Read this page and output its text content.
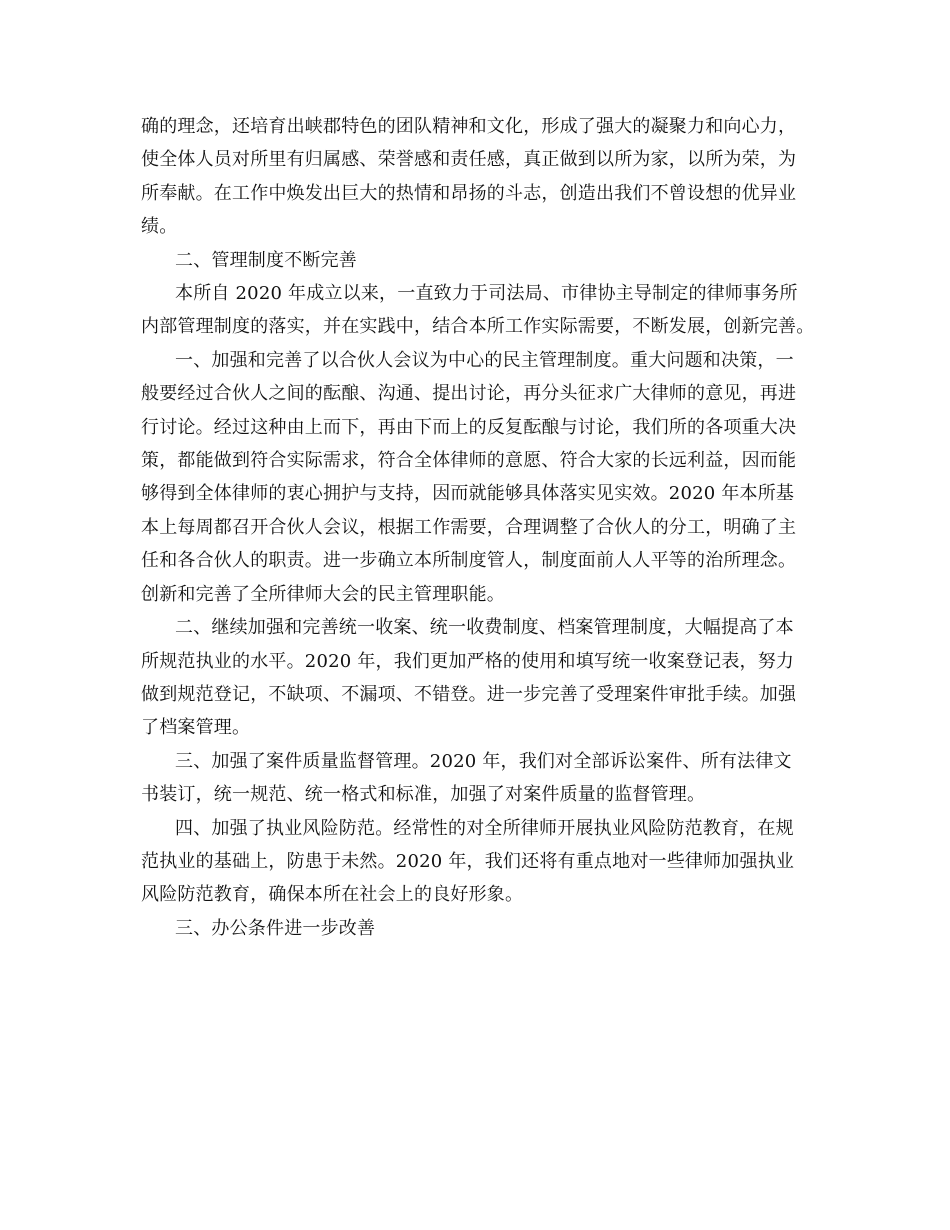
确的理念，还培育出峡郡特色的团队精神和文化，形成了强大的凝聚力和向心力，
使全体人员对所里有归属感、荣誉感和责任感，真正做到以所为家，以所为荣，为
所奉献。在工作中焕发出巨大的热情和昂扬的斗志，创造出我们不曾设想的优异业
绩。

二、管理制度不断完善

本所自 2020 年成立以来，一直致力于司法局、市律协主导制定的律师事务所
内部管理制度的落实，并在实践中，结合本所工作实际需要，不断发展，创新完善。

一、加强和完善了以合伙人会议为中心的民主管理制度。重大问题和决策，一
般要经过合伙人之间的酝酿、沟通、提出讨论，再分头征求广大律师的意见，再进
行讨论。经过这种由上而下，再由下而上的反复酝酿与讨论，我们所的各项重大决
策，都能做到符合实际需求，符合全体律师的意愿、符合大家的长远利益，因而能
够得到全体律师的衷心拥护与支持，因而就能够具体落实见实效。2020 年本所基
本上每周都召开合伙人会议，根据工作需要，合理调整了合伙人的分工，明确了主
任和各合伙人的职责。进一步确立本所制度管人，制度面前人人平等的治所理念。
创新和完善了全所律师大会的民主管理职能。

二、继续加强和完善统一收案、统一收费制度、档案管理制度，大幅提高了本
所规范执业的水平。2020 年，我们更加严格的使用和填写统一收案登记表，努力
做到规范登记，不缺项、不漏项、不错登。进一步完善了受理案件审批手续。加强
了档案管理。

三、加强了案件质量监督管理。2020 年，我们对全部诉讼案件、所有法律文
书装订，统一规范、统一格式和标准，加强了对案件质量的监督管理。

四、加强了执业风险防范。经常性的对全所律师开展执业风险防范教育，在规
范执业的基础上，防患于未然。2020 年，我们还将有重点地对一些律师加强执业
风险防范教育，确保本所在社会上的良好形象。

三、办公条件进一步改善
